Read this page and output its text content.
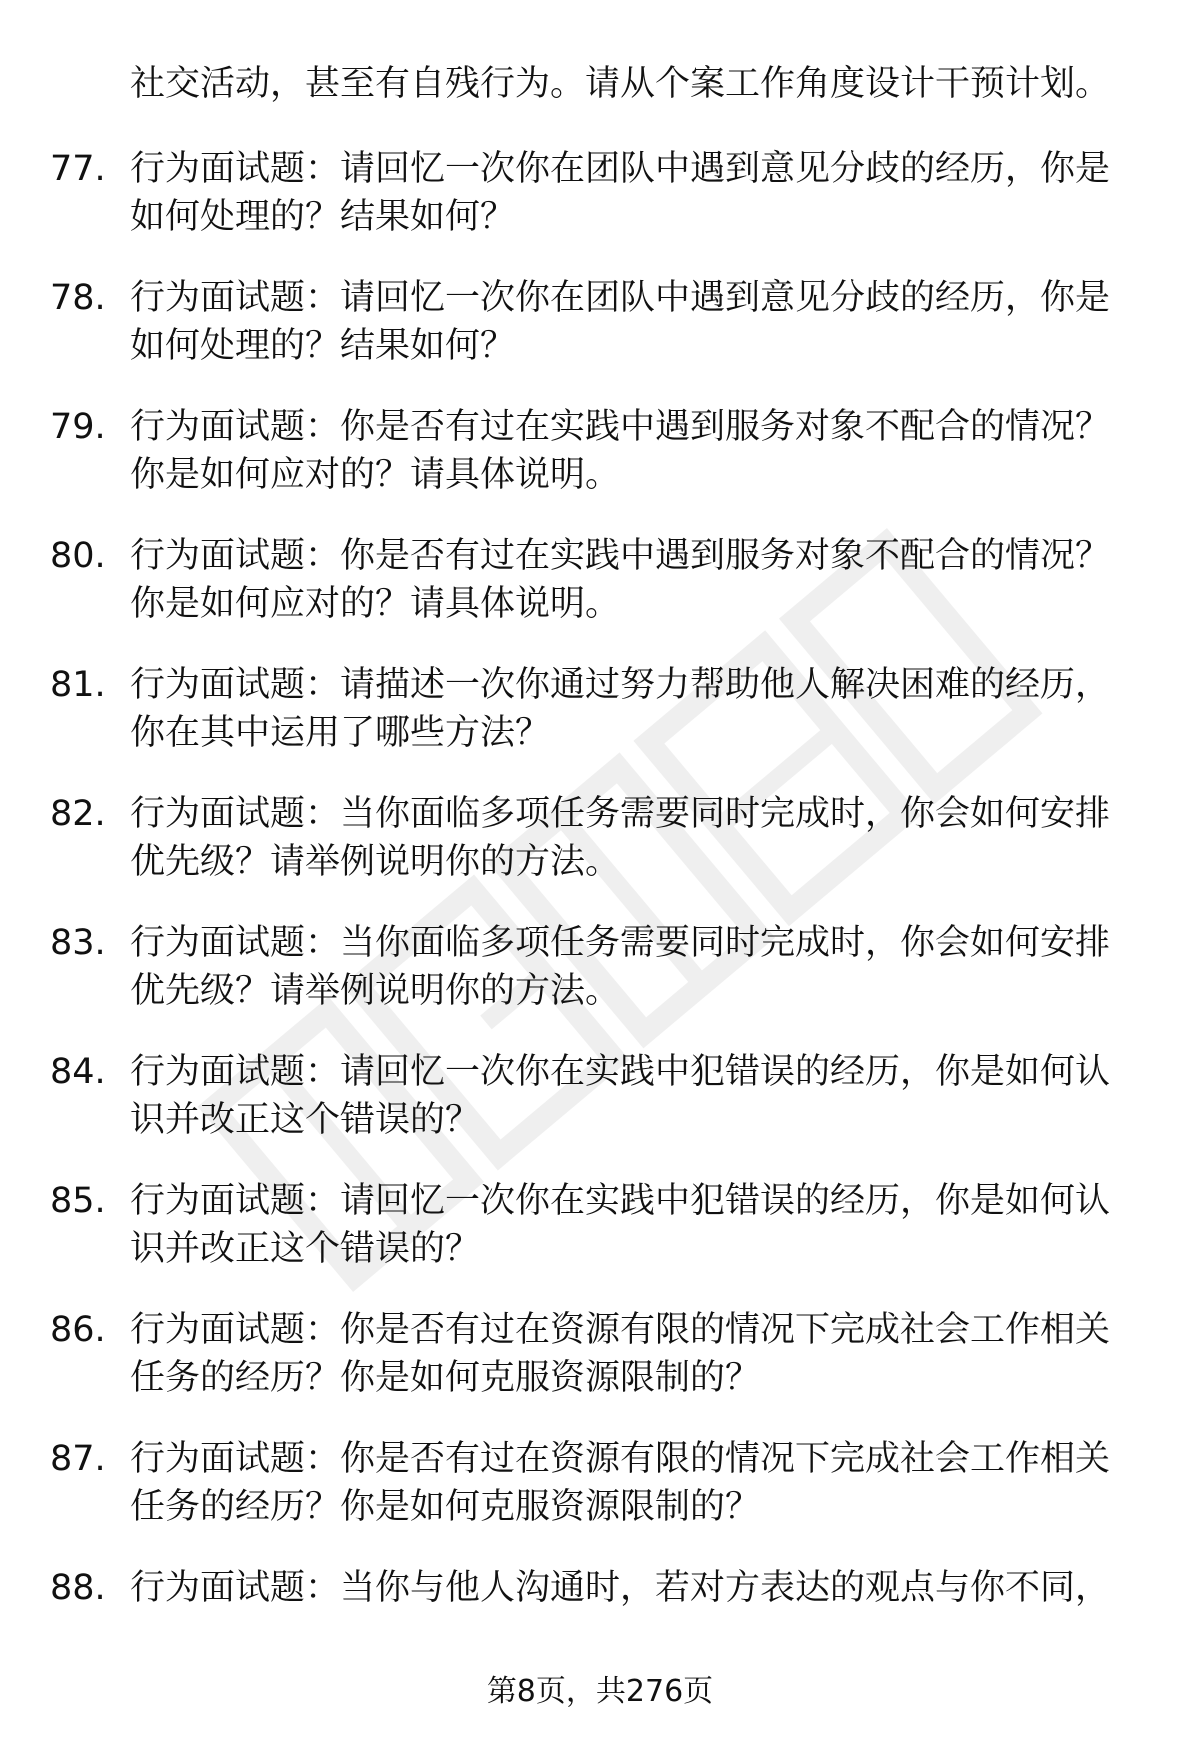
社交活动，甚至有自残行为。请从个案工作角度设计干预计划。
77. 行为面试题：请回忆一次你在团队中遇到意见分歧的经历，你是
如何处理的？结果如何？
78. 行为面试题：请回忆一次你在团队中遇到意见分歧的经历，你是
如何处理的？结果如何？
79. 行为面试题：你是否有过在实践中遇到服务对象不配合的情况？
你是如何应对的？请具体说明。
80. 行为面试题：你是否有过在实践中遇到服务对象不配合的情况？
你是如何应对的？请具体说明。
81. 行为面试题：请描述一次你通过努力帮助他人解决困难的经历，
你在其中运用了哪些方法？
82. 行为面试题：当你面临多项任务需要同时完成时，你会如何安排
优先级？请举例说明你的方法。
83. 行为面试题：当你面临多项任务需要同时完成时，你会如何安排
优先级？请举例说明你的方法。
84. 行为面试题：请回忆一次你在实践中犯错误的经历，你是如何认
识并改正这个错误的？
85. 行为面试题：请回忆一次你在实践中犯错误的经历，你是如何认
识并改正这个错误的？
86. 行为面试题：你是否有过在资源有限的情况下完成社会工作相关
任务的经历？你是如何克服资源限制的？
87. 行为面试题：你是否有过在资源有限的情况下完成社会工作相关
任务的经历？你是如何克服资源限制的？
88. 行为面试题：当你与他人沟通时，若对方表达的观点与你不同，
第8页，共276页
